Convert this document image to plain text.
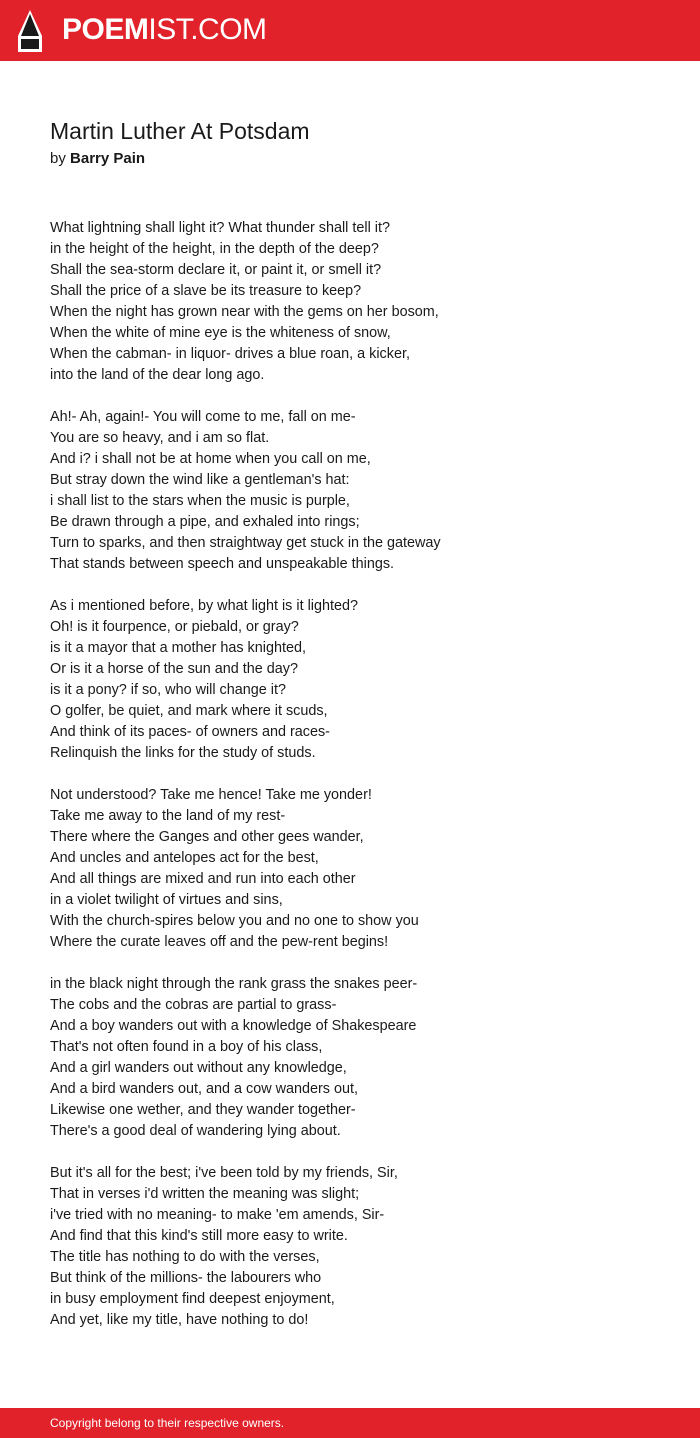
POEMIST.COM
Martin Luther At Potsdam
by Barry Pain
What lightning shall light it? What thunder shall tell it?
in the height of the height, in the depth of the deep?
Shall the sea-storm declare it, or paint it, or smell it?
Shall the price of a slave be its treasure to keep?
When the night has grown near with the gems on her bosom,
When the white of mine eye is the whiteness of snow,
When the cabman- in liquor- drives a blue roan, a kicker,
into the land of the dear long ago.
Ah!- Ah, again!- You will come to me, fall on me-
You are so heavy, and i am so flat.
And i? i shall not be at home when you call on me,
But stray down the wind like a gentleman's hat:
i shall list to the stars when the music is purple,
Be drawn through a pipe, and exhaled into rings;
Turn to sparks, and then straightway get stuck in the gateway
That stands between speech and unspeakable things.
As i mentioned before, by what light is it lighted?
Oh! is it fourpence, or piebald, or gray?
is it a mayor that a mother has knighted,
Or is it a horse of the sun and the day?
is it a pony? if so, who will change it?
O golfer, be quiet, and mark where it scuds,
And think of its paces- of owners and races-
Relinquish the links for the study of studs.
Not understood? Take me hence! Take me yonder!
Take me away to the land of my rest-
There where the Ganges and other gees wander,
And uncles and antelopes act for the best,
And all things are mixed and run into each other
in a violet twilight of virtues and sins,
With the church-spires below you and no one to show you
Where the curate leaves off and the pew-rent begins!
in the black night through the rank grass the snakes peer-
The cobs and the cobras are partial to grass-
And a boy wanders out with a knowledge of Shakespeare
That's not often found in a boy of his class,
And a girl wanders out without any knowledge,
And a bird wanders out, and a cow wanders out,
Likewise one wether, and they wander together-
There's a good deal of wandering lying about.
But it's all for the best; i've been told by my friends, Sir,
That in verses i'd written the meaning was slight;
i've tried with no meaning- to make 'em amends, Sir-
And find that this kind's still more easy to write.
The title has nothing to do with the verses,
But think of the millions- the labourers who
in busy employment find deepest enjoyment,
And yet, like my title, have nothing to do!
Copyright belong to their respective owners.
